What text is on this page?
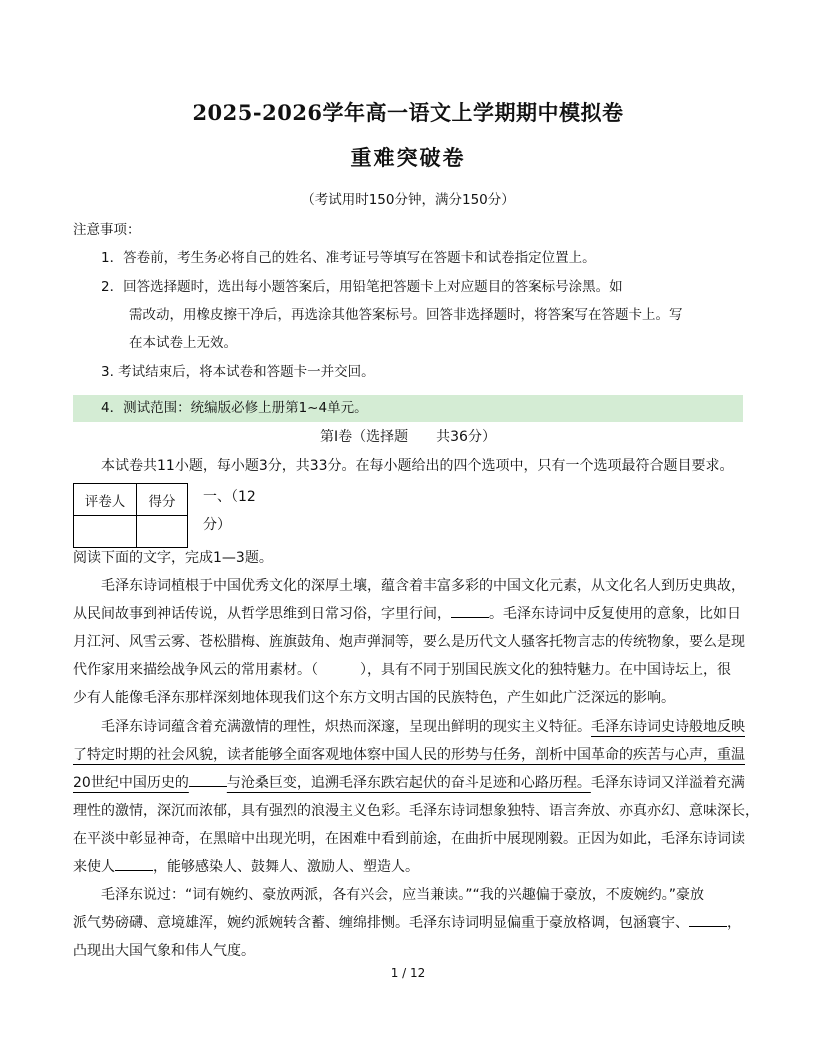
2025-2026学年高一语文上学期期中模拟卷
重难突破卷
（考试用时150分钟，满分150分）
注意事项：
1．答卷前，考生务必将自己的姓名、准考证号等填写在答题卡和试卷指定位置上。
2．回答选择题时，选出每小题答案后，用铅笔把答题卡上对应题目的答案标号涂黑。如
需改动，用橡皮擦干净后，再选涂其他答案标号。回答非选择题时，将答案写在答题卡上。写
在本试卷上无效。
3. 考试结束后，将本试卷和答题卡一并交回。
4．测试范围：统编版必修上册第1~4单元。
第Ⅰ卷（选择题　　共36分）
本试卷共11小题，每小题3分，共33分。在每小题给出的四个选项中，只有一个选项最符合题目要求。
评卷人	得分
	一、（12
分）
阅读下面的文字，完成1—3题。
毛泽东诗词植根于中国优秀文化的深厚土壤，蕴含着丰富多彩的中国文化元素，从文化名人到历史典故，
从民间故事到神话传说，从哲学思维到日常习俗，字里行间，	。毛泽东诗词中反复使用的意象，比如日
月江河、风雪云雾、苍松腊梅、旌旗鼓角、炮声弹洞等，要么是历代文人骚客托物言志的传统物象，要么是现
代作家用来描绘战争风云的常用素材。（　　　），具有不同于别国民族文化的独特魅力。在中国诗坛上，很
少有人能像毛泽东那样深刻地体现我们这个东方文明古国的民族特色，产生如此广泛深远的影响。
毛泽东诗词蕴含着充满激情的理性，炽热而深邃，呈现出鲜明的现实主义特征。毛泽东诗词史诗般地反映
了特定时期的社会风貌，读者能够全面客观地体察中国人民的形势与任务，剖析中国革命的疾苦与心声，重温
20世纪中国历史的	与沧桑巨变，追溯毛泽东跌宕起伏的奋斗足迹和心路历程。毛泽东诗词又洋溢着充满
理性的激情，深沉而浓郁，具有强烈的浪漫主义色彩。毛泽东诗词想象独特、语言奔放、亦真亦幻、意味深长，
在平淡中彰显神奇，在黑暗中出现光明，在困难中看到前途，在曲折中展现刚毅。正因为如此，毛泽东诗词读
来使人	，能够感染人、鼓舞人、激励人、塑造人。
毛泽东说过：“词有婉约、豪放两派，各有兴会，应当兼读。”“我的兴趣偏于豪放，不废婉约。”豪放
派气势磅礴、意境雄浑，婉约派婉转含蓄、缠绵排恻。毛泽东诗词明显偏重于豪放格调，包涵寰宇、	，
凸现出大国气象和伟人气度。
1 / 12
